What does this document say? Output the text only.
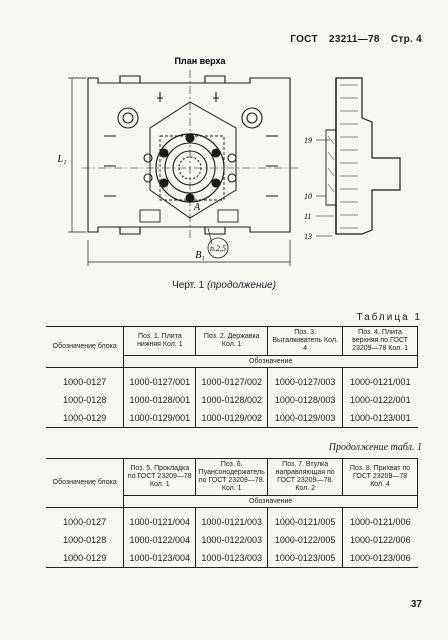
ГОСТ 23211—78 Стр. 4
План верха
L₁
B₁
A
n.2,5
19
10
11
13
Черт. 1 (продолжение)
Таблица 1
Обозначение блока	Поз. 1. Плита нижняя Кол. 1	Поз. 2. Державка Кол. 1	Поз. 3. Выталкиватель Кол. 4	Поз. 4. Плита верхняя по ГОСТ 23209—78 Кол. 1
	Обозначение			

1000-0127	1000-0127/001	1000-0127/002	1000-0127/003	1000-0121/001
1000-0128	1000-0128/001	1000-0128/002	1000-0128/003	1000-0122/001
1000-0129	1000-0129/001	1000-0129/002	1000-0129/003	1000-0123/001
Продолжение табл. 1
Обозначение блока	Поз. 5. Прокладка по ГОСТ 23209—78 Кол. 1	Поз. 6. Пуансонодержатель по ГОСТ 23209—78. Кол. 1	Поз. 7. Втулка направляющая по ГОСТ 23209—78. Кол. 2	Поз. 8. Прихват по ГОСТ 23209—78 Кол. 4
	Обозначение			

1000-0127	1000-0121/004	1000-0121/003	1000-0121/005	1000-0121/006
1000-0128	1000-0122/004	1000-0122/003	1000-0122/005	1000-0122/006
1000-0129	1000-0123/004	1000-0123/003	1000-0123/005	1000-0123/006
37
